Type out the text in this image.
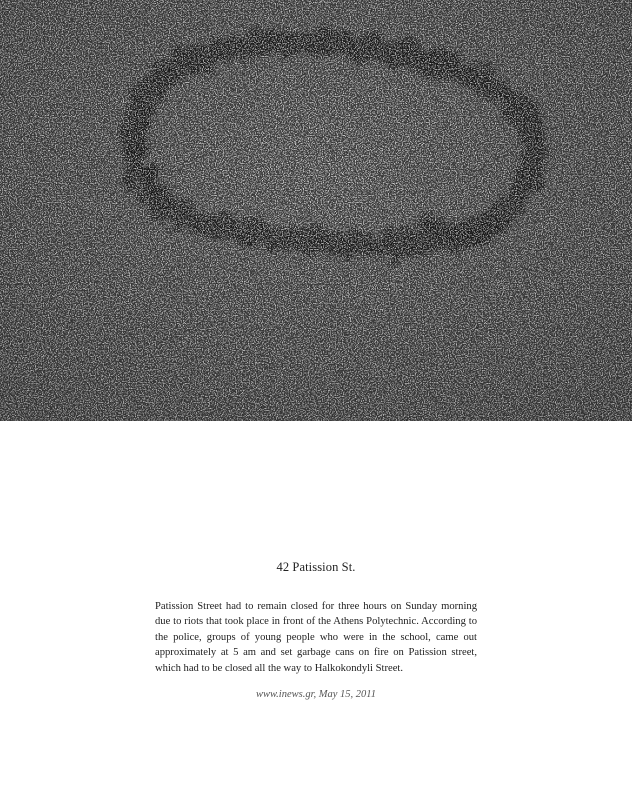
42 Patission St.

Patission Street had to remain closed for three hours on Sunday morning due to riots that took place in front of the Athens Polytechnic. According to the police, groups of young people who were in the school, came out approximately at 5 am and set garbage cans on fire on Patission street, which had to be closed all the way to Halkokondyli Street.

www.inews.gr, May 15, 2011
